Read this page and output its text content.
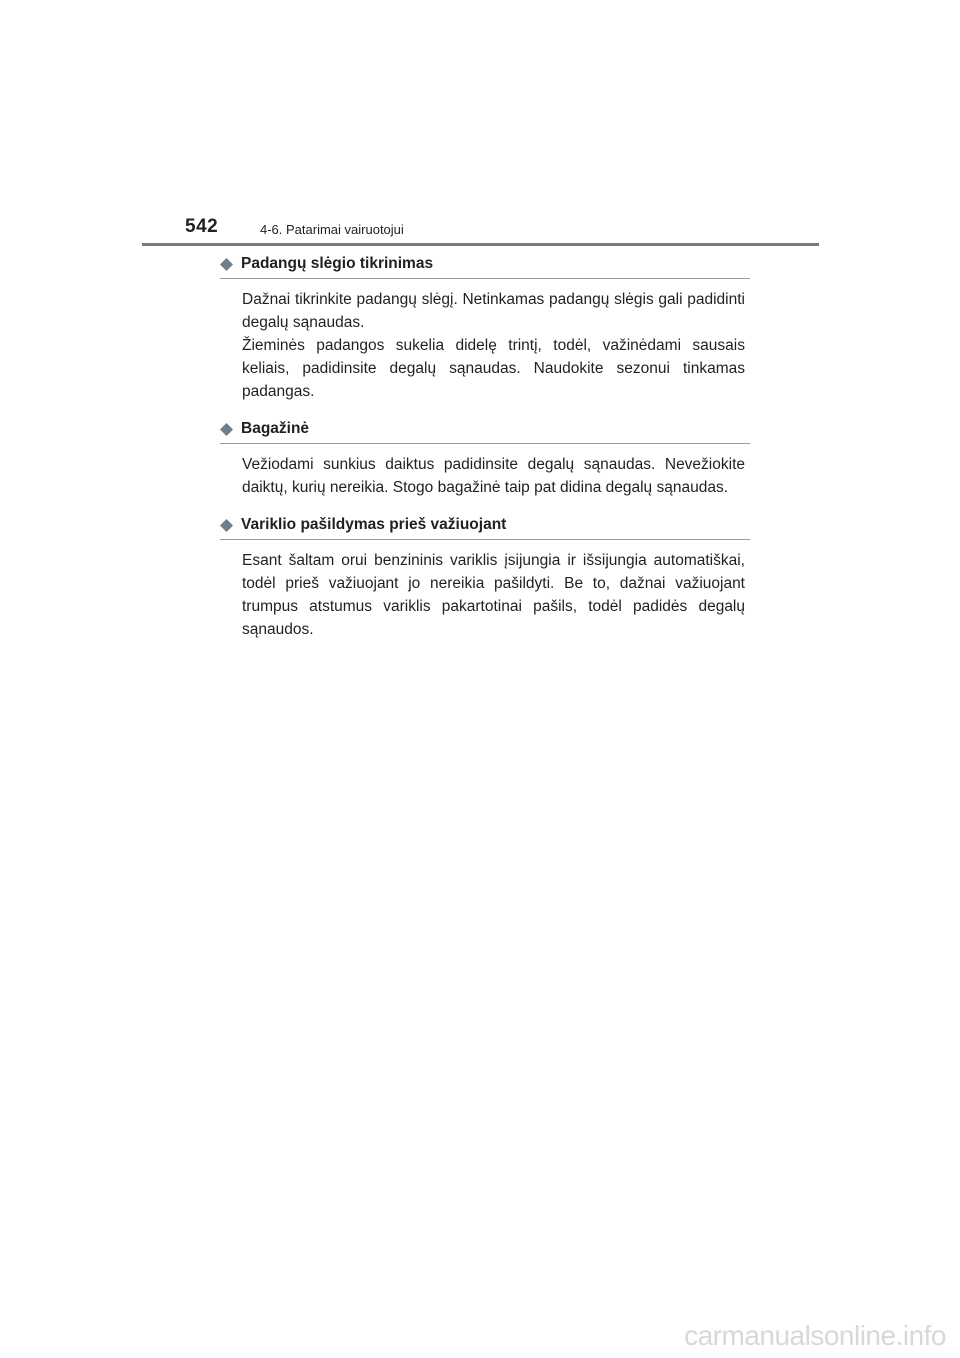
542	4-6. Patarimai vairuotojui
Padangų slėgio tikrinimas

Dažnai tikrinkite padangų slėgį. Netinkamas padangų slėgis gali padidinti degalų sąnaudas.

Žieminės padangos sukelia didelę trintį, todėl, važinėdami sausais keliais, padidinsite degalų sąnaudas. Naudokite sezonui tinkamas padangas.

Bagažinė

Vežiodami sunkius daiktus padidinsite degalų sąnaudas. Nevežiokite daiktų, kurių nereikia. Stogo bagažinė taip pat didina degalų sąnaudas.

Variklio pašildymas prieš važiuojant

Esant šaltam orui benzininis variklis įsijungia ir išsijungia automatiškai, todėl prieš važiuojant jo nereikia pašildyti. Be to, dažnai važiuojant trumpus atstumus variklis pakartotinai pašils, todėl padidės degalų sąnaudos.

carmanualsonline.info
